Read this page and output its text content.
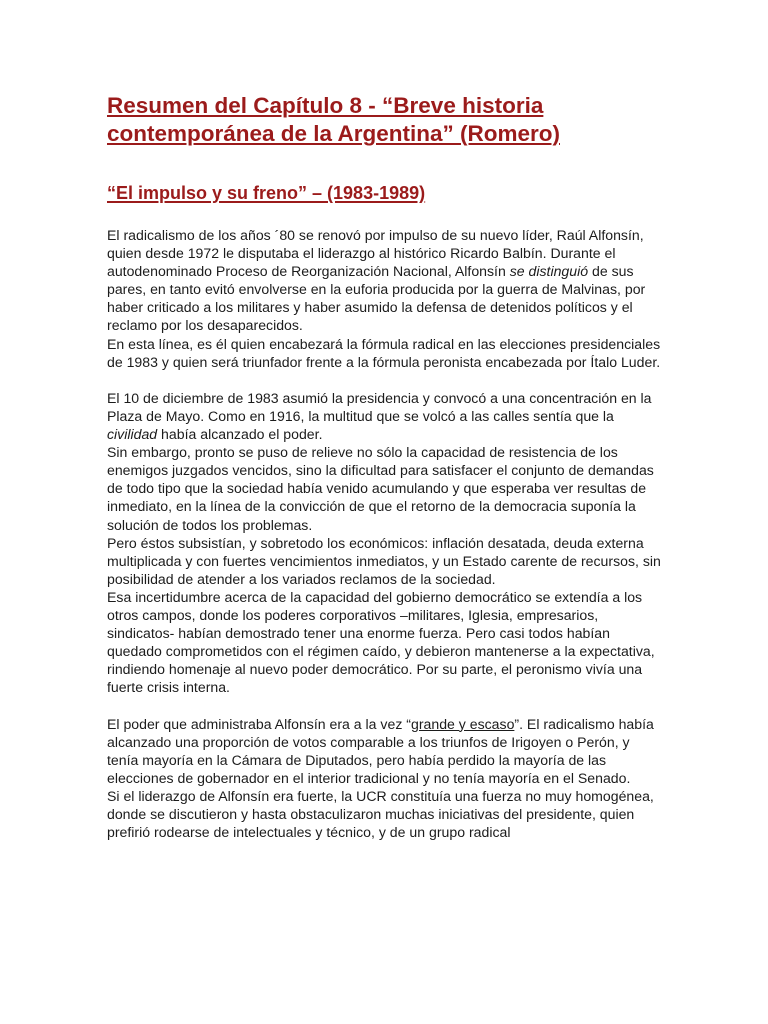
Resumen del Capítulo 8 - “Breve historia
contemporánea de la Argentina” (Romero)
“El impulso y su freno” – (1983-1989)

El radicalismo de los años ´80 se renovó por impulso de su nuevo líder, Raúl Alfonsín, quien desde 1972 le disputaba el liderazgo al histórico Ricardo Balbín. Durante el autodenominado Proceso de Reorganización Nacional, Alfonsín se distinguió de sus pares, en tanto evitó envolverse en la euforia producida por la guerra de Malvinas, por haber criticado a los militares y haber asumido la defensa de detenidos políticos y el reclamo por los desaparecidos.

En esta línea, es él quien encabezará la fórmula radical en las elecciones presidenciales de 1983 y quien será triunfador frente a la fórmula peronista encabezada por Ítalo Luder.

El 10 de diciembre de 1983 asumió la presidencia y convocó a una concentración en la Plaza de Mayo. Como en 1916, la multitud que se volcó a las calles sentía que la civilidad había alcanzado el poder.

Sin embargo, pronto se puso de relieve no sólo la capacidad de resistencia de los enemigos juzgados vencidos, sino la dificultad para satisfacer el conjunto de demandas de todo tipo que la sociedad había venido acumulando y que esperaba ver resultas de inmediato, en la línea de la convicción de que el retorno de la democracia suponía la solución de todos los problemas.

Pero éstos subsistían, y sobretodo los económicos: inflación desatada, deuda externa multiplicada y con fuertes vencimientos inmediatos, y un Estado carente de recursos, sin posibilidad de atender a los variados reclamos de la sociedad.

Esa incertidumbre acerca de la capacidad del gobierno democrático se extendía a los otros campos, donde los poderes corporativos –militares, Iglesia, empresarios, sindicatos- habían demostrado tener una enorme fuerza. Pero casi todos habían quedado comprometidos con el régimen caído, y debieron mantenerse a la expectativa, rindiendo homenaje al nuevo poder democrático. Por su parte, el peronismo vivía una fuerte crisis interna.

El poder que administraba Alfonsín era a la vez “grande y escaso”. El radicalismo había alcanzado una proporción de votos comparable a los triunfos de Irigoyen o Perón, y tenía mayoría en la Cámara de Diputados, pero había perdido la mayoría de las elecciones de gobernador en el interior tradicional y no tenía mayoría en el Senado.

Si el liderazgo de Alfonsín era fuerte, la UCR constituía una fuerza no muy homogénea, donde se discutieron y hasta obstaculizaron muchas iniciativas del presidente, quien prefirió rodearse de intelectuales y técnico, y de un grupo radical
